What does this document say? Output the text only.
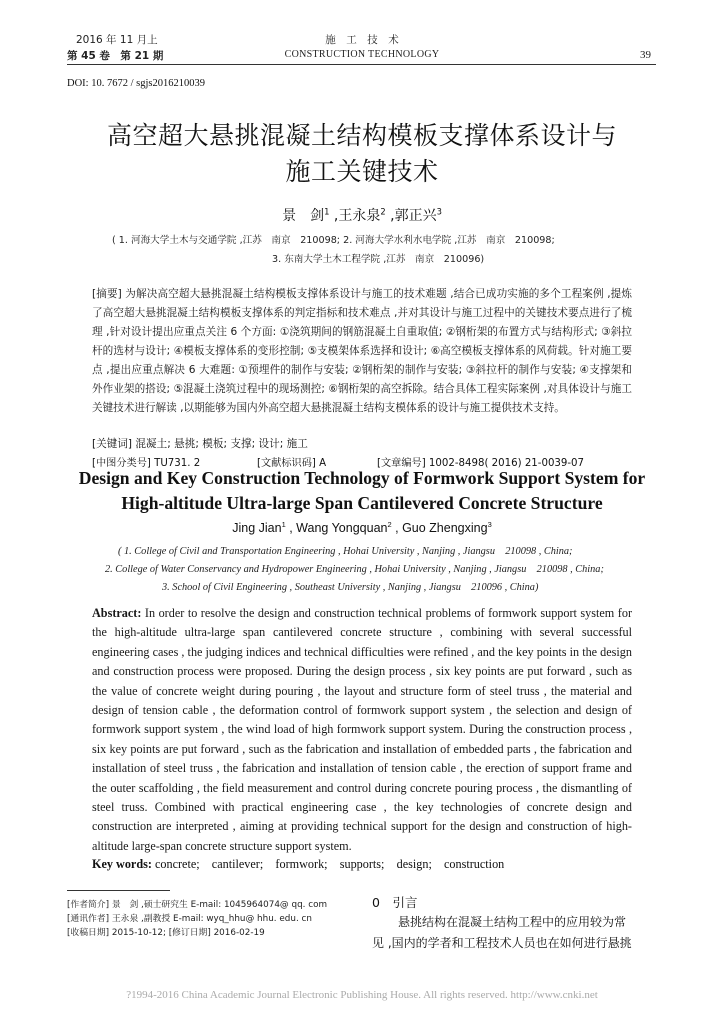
2016 年 11 月上
第 45 卷　第 21 期
施　工　技　术
CONSTRUCTION TECHNOLOGY	39
DOI: 10. 7672 / sgjs2016210039
高空超大悬挑混凝土结构模板支撑体系设计与
施工关键技术
景　剑$^1$ ,王永泉$^2$ ,郭正兴$^3$
( 1. 河海大学土木与交通学院 ,江苏　南京　210098; 2. 河海大学水利水电学院 ,江苏　南京　210098;
3. 东南大学土木工程学院 ,江苏　南京　210096)
[摘要] 为解决高空超大悬挑混凝土结构模板支撑体系设计与施工的技术难题 ,结合已成功实施的多个工程案例 ,提炼了高空超大悬挑混凝土结构模板支撑体系的判定指标和技术难点 ,并对其设计与施工过程中的关键技术要点进行了梳理 ,针对设计提出应重点关注 6 个方面: ①浇筑期间的钢筋混凝土自重取值; ②钢桁架的布置方式与结构形式; ③斜拉杆的选材与设计; ④模板支撑体系的变形控制; ⑤支模架体系选择和设计; ⑥高空模板支撑体系的风荷载。针对施工要点 ,提出应重点解决 6 大难题: ①预埋件的制作与安装; ②钢桁架的制作与安装; ③斜拉杆的制作与安装; ④支撑架和外作业架的搭设; ⑤混凝土浇筑过程中的现场测控; ⑥钢桁架的高空拆除。结合具体工程实际案例 ,对具体设计与施工关键技术进行解读 ,以期能够为国内外高空超大悬挑混凝土结构支模体系的设计与施工提供技术支持。
[关键词] 混凝土; 悬挑; 模板; 支撑; 设计; 施工
[中图分类号] TU731. 2	[文献标识码] A	[文章编号] 1002-8498( 2016) 21-0039-07
Design and Key Construction Technology of Formwork Support System for
High-altitude Ultra-large Span Cantilevered Concrete Structure
Jing Jian$^1$ , Wang Yongquan$^2$ , Guo Zhengxing$^3$
( 1. College of Civil and Transportation Engineering , Hohai University , Nanjing , Jiangsu　210098 , China;
2. College of Water Conservancy and Hydropower Engineering , Hohai University , Nanjing , Jiangsu　210098 , China;
3. School of Civil Engineering , Southeast University , Nanjing , Jiangsu　210096 , China)
Abstract: In order to resolve the design and construction technical problems of formwork support system for the high-altitude ultra-large span cantilevered concrete structure , combining with several successful engineering cases , the judging indices and technical difficulties were refined , and the key points in the design and construction process were proposed. During the design process , six key points are put forward , such as the value of concrete weight during pouring , the layout and structure form of steel truss , the material and design of tension cable , the deformation control of formwork support system , the selection and design of formwork support system , the wind load of high formwork support system. During the construction process , six key points are put forward , such as the fabrication and installation of embedded parts , the fabrication and installation of steel truss , the fabrication and installation of tension cable , the erection of support frame and the outer scaffolding , the field measurement and control during concrete pouring process , the dismantling of steel truss. Combined with practical engineering case , the key technologies of concrete design and construction are interpreted , aiming at providing technical support for the design and construction of high-altitude large-span concrete structure support system.
Key words: concrete;　cantilever;　formwork;　supports;　design;　construction
[作者简介] 景　剑 ,硕士研究生 E-mail: 1045964074@ qq. com
[通讯作者] 王永泉 ,副教授 E-mail: wyq_hhu@ hhu. edu. cn
[收稿日期] 2015-10-12; [修订日期] 2016-02-19
0　引言
悬挑结构在混凝土结构工程中的应用较为常
见 ,国内的学者和工程技术人员也在如何进行悬挑
?1994-2016 China Academic Journal Electronic Publishing House. All rights reserved. http://www.cnki.net
